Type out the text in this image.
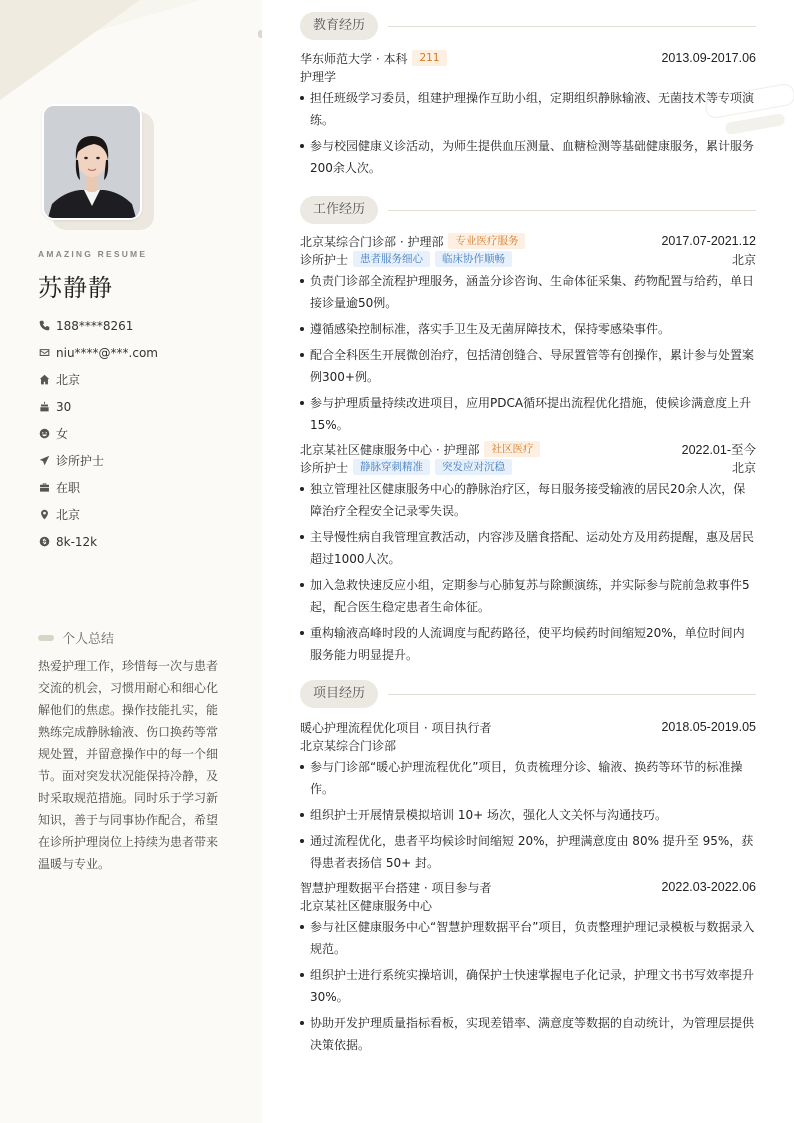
AMAZING RESUME
苏静静
188****8261
niu****@***.com
北京
30
女
诊所护士
在职
北京
8k-12k
个人总结
热爱护理工作，珍惜每一次与患者交流的机会，习惯用耐心和细心化解他们的焦虑。操作技能扎实，能熟练完成静脉输液、伤口换药等常规处置，并留意操作中的每一个细节。面对突发状况能保持冷静，及时采取规范措施。同时乐于学习新知识，善于与同事协作配合，希望在诊所护理岗位上持续为患者带来温暖与专业。
教育经历
华东师范大学 · 本科	211	2013.09-2017.06
护理学
担任班级学习委员，组建护理操作互助小组，定期组织静脉输液、无菌技术等专项演练。
参与校园健康义诊活动，为师生提供血压测量、血糖检测等基础健康服务，累计服务200余人次。
工作经历
北京某综合门诊部 · 护理部	专业医疗服务	2017.07-2021.12
诊所护士	患者服务细心	临床协作顺畅	北京
负责门诊部全流程护理服务，涵盖分诊咨询、生命体征采集、药物配置与给药，单日接诊量逾50例。
遵循感染控制标准，落实手卫生及无菌屏障技术，保持零感染事件。
配合全科医生开展微创治疗，包括清创缝合、导尿置管等有创操作，累计参与处置案例300+例。
参与护理质量持续改进项目，应用PDCA循环提出流程优化措施，使候诊满意度上升15%。
北京某社区健康服务中心 · 护理部	社区医疗	2022.01-至今
诊所护士	静脉穿刺精准	突发应对沉稳	北京
独立管理社区健康服务中心的静脉治疗区，每日服务接受输液的居民20余人次，保障治疗全程安全记录零失误。
主导慢性病自我管理宣教活动，内容涉及膳食搭配、运动处方及用药提醒，惠及居民超过1000人次。
加入急救快速反应小组，定期参与心肺复苏与除颤演练，并实际参与院前急救事件5起，配合医生稳定患者生命体征。
重构输液高峰时段的人流调度与配药路径，使平均候药时间缩短20%，单位时间内服务能力明显提升。
项目经历
暖心护理流程优化项目 · 项目执行者	2018.05-2019.05
北京某综合门诊部
参与门诊部“暖心护理流程优化”项目，负责梳理分诊、输液、换药等环节的标准操作。
组织护士开展情景模拟培训 10+ 场次，强化人文关怀与沟通技巧。
通过流程优化，患者平均候诊时间缩短 20%，护理满意度由 80% 提升至 95%，获得患者表扬信 50+ 封。
智慧护理数据平台搭建 · 项目参与者	2022.03-2022.06
北京某社区健康服务中心
参与社区健康服务中心“智慧护理数据平台”项目，负责整理护理记录模板与数据录入规范。
组织护士进行系统实操培训，确保护士快速掌握电子化记录，护理文书书写效率提升30%。
协助开发护理质量指标看板，实现差错率、满意度等数据的自动统计，为管理层提供决策依据。
